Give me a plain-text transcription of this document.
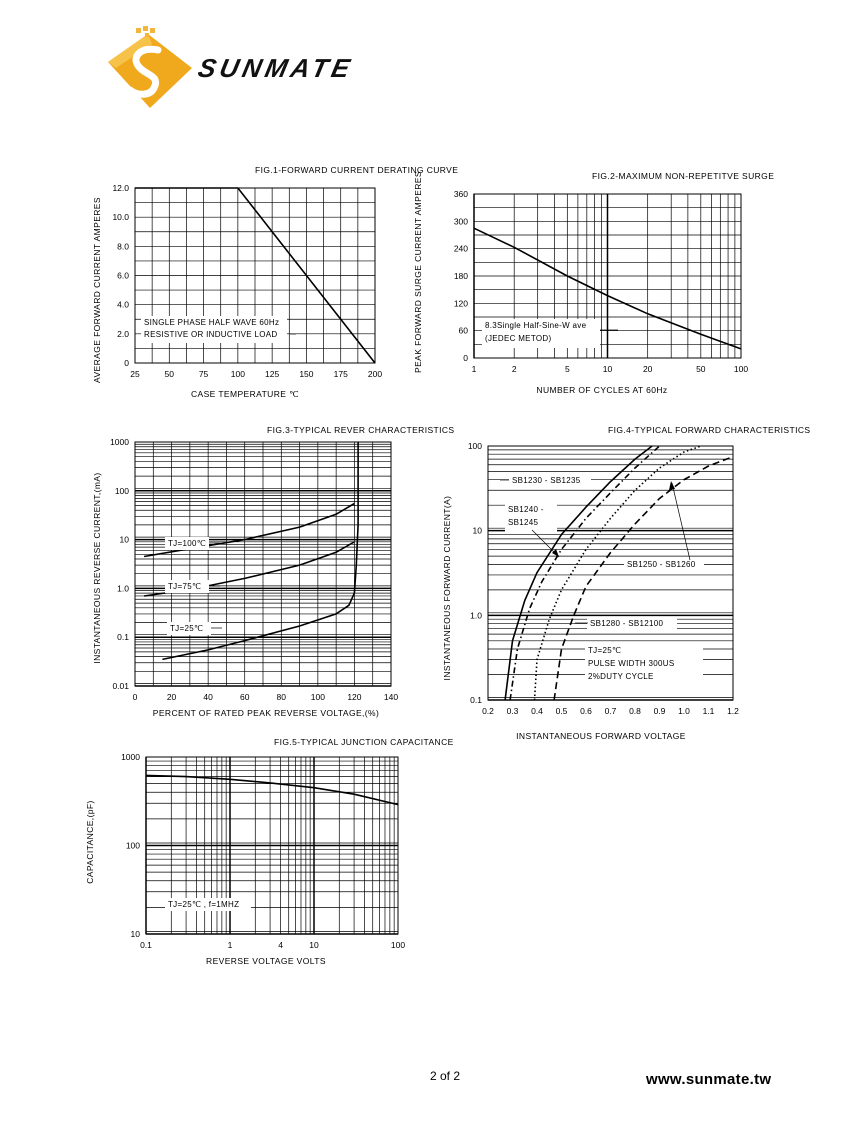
SUNMATE
FIG.1-FORWARD CURRENT DERATING CURVE
CASE TEMPERATURE ℃
AVERAGE FORWARD CURRENT AMPERES	25	50	75	100 125 150 175 200
0
2.0
4.0
6.0
8.0
10.0
12.0
FIG.2-MAXIMUM NON-REPETITVE SURGE
NUMBER OF CYCLES AT 60Hz
PEAK FORWARD SURGE CURRENT AMPERES	1	2	5	10	20	50	100
0
60
120
180
240
300
360
FIG.3-TYPICAL REVER CHARACTERISTICS
PERCENT OF RATED PEAK REVERSE VOLTAGE,(%)
INSTANTANEOUS REVERSE CURRENT,(mA)
0	20	40	60	80	100	120	140
0.01
0.1
1.0
10
100
1000
FIG.4-TYPICAL FORWARD CHARACTERISTICS
INSTANTANEOUS FORWARD VOLTAGE
INSTANTANEOUS FORWARD CURRENT(A)
0.2 0.3 0.4 0.5 0.6 0.7 0.8 0.9 1.0 1.1 1.2
0.1
1.0
10
100
FIG.5-TYPICAL JUNCTION CAPACITANCE
REVERSE VOLTAGE VOLTS
CAPACITANCE,(pF)
0.1	1	4	10	100
10
100
1000
SINGLE PHASE HALF WAVE 60Hz
RESISTIVE OR INDUCTIVE LOAD
8.3Single Half-Sine-W ave
(JEDEC METOD)
TJ=100℃
TJ=75℃
TJ=25℃
SB1230 - SB1235
SB1240 -
SB1245
SB1250 - SB1260
SB1280 - SB12100
TJ=25℃
PULSE WIDTH 300US
2%DUTY CYCLE
TJ=25℃ , f=1MHZ
2 of 2	www.sunmate.tw
